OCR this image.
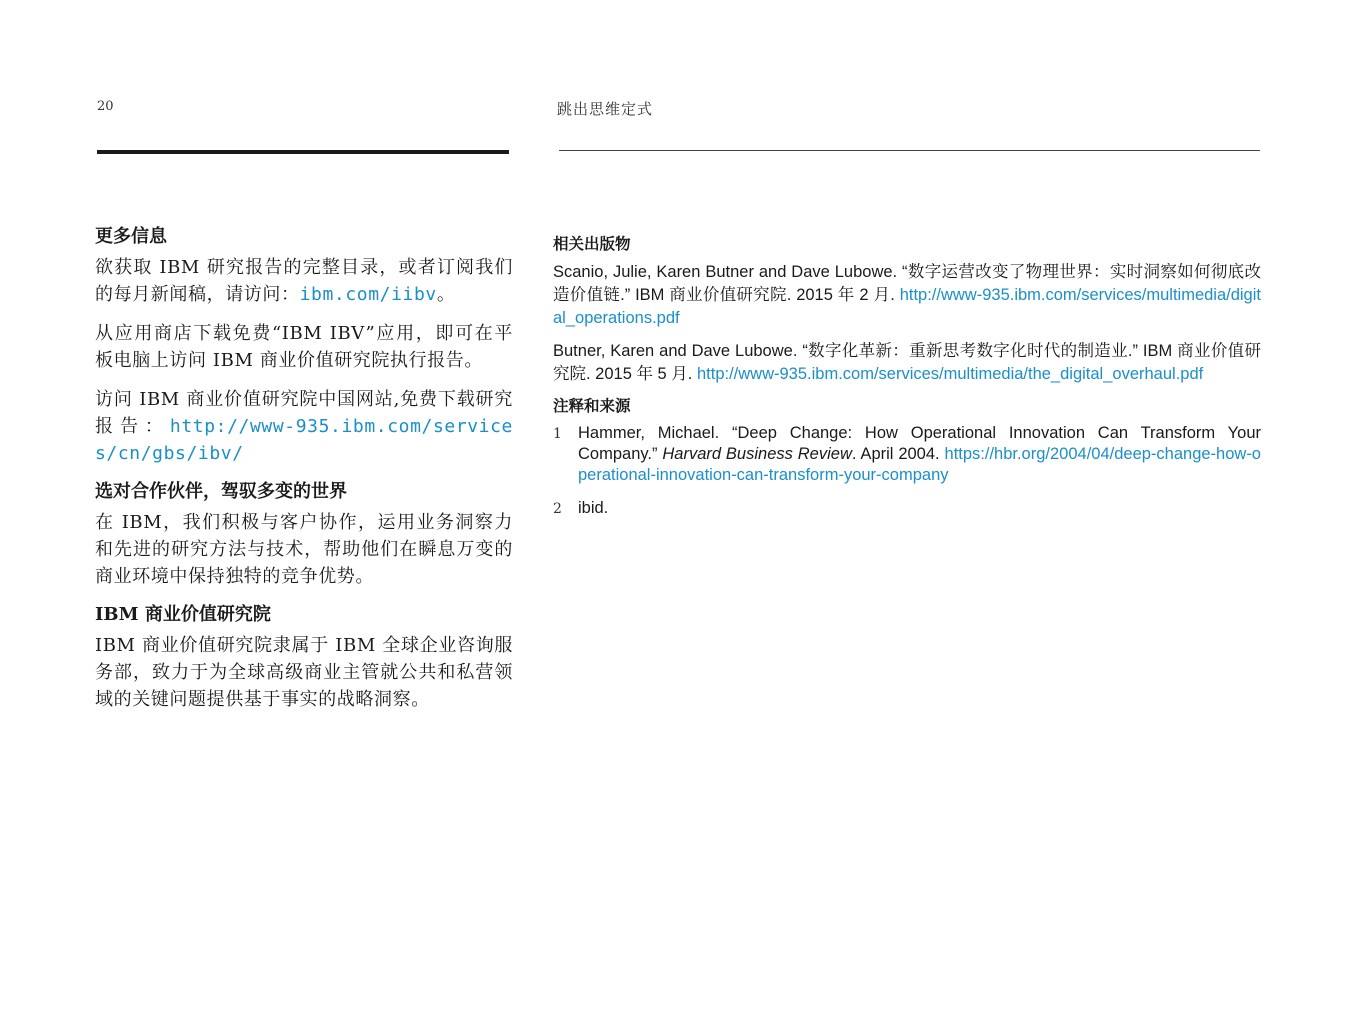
20	跳出思维定式
更多信息

欲获取 IBM 研究报告的完整目录，或者订阅我们的每月新闻稿，请访问：ibm.com/iibv。

从应用商店下载免费“IBM IBV”应用，即可在平板电脑上访问 IBM 商业价值研究院执行报告。

访问 IBM 商业价值研究院中国网站,免费下载研究报告：http://www-935.ibm.com/services/cn/gbs/ibv/

选对合作伙伴，驾驭多变的世界

在 IBM，我们积极与客户协作，运用业务洞察力和先进的研究方法与技术，帮助他们在瞬息万变的商业环境中保持独特的竞争优势。

IBM 商业价值研究院

IBM 商业价值研究院隶属于 IBM 全球企业咨询服务部，致力于为全球高级商业主管就公共和私营领域的关键问题提供基于事实的战略洞察。

相关出版物
Scanio, Julie, Karen Butner and Dave Lubowe. “数字运营改变了物理世界：实时洞察如何彻底改造价值链.” IBM 商业价值研究院. 2015 年 2 月. http://www-935.ibm.com/services/multimedia/digital_operations.pdf
Butner, Karen and Dave Lubowe. “数字化革新：重新思考数字化时代的制造业.” IBM 商业价值研究院. 2015 年 5 月. http://www-935.ibm.com/services/multimedia/the_digital_overhaul.pdf
注释和来源
1 Hammer, Michael. “Deep Change: How Operational Innovation Can Transform Your Company.” Harvard Business Review. April 2004. https://hbr.org/2004/04/deep-change-how-operational-innovation-can-transform-your-company
2 ibid.
